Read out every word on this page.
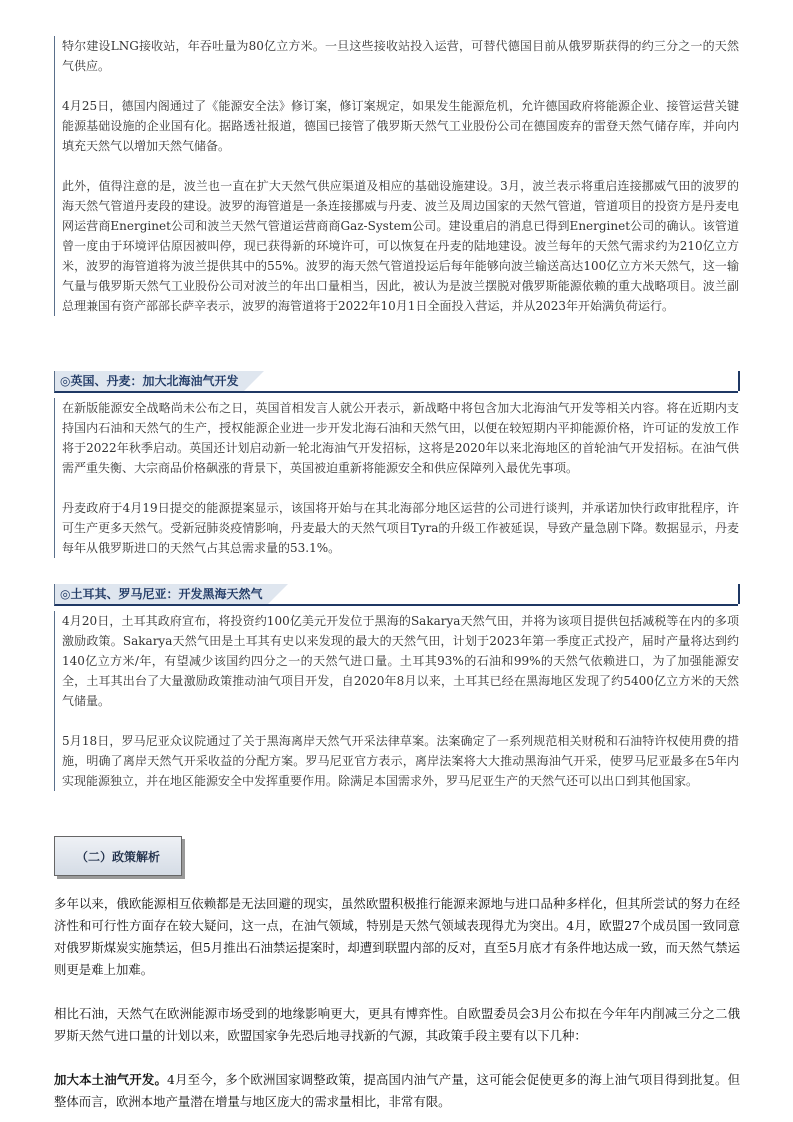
特尔建设LNG接收站，年吞吐量为80亿立方米。一旦这些接收站投入运营，可替代德国目前从俄罗斯获得的约三分之一的天然气供应。

4月25日，德国内阁通过了《能源安全法》修订案，修订案规定，如果发生能源危机，允许德国政府将能源企业、接管运营关键能源基础设施的企业国有化。据路透社报道，德国已接管了俄罗斯天然气工业股份公司在德国废弃的雷登天然气储存库，并向内填充天然气以增加天然气储备。

此外，值得注意的是，波兰也一直在扩大天然气供应渠道及相应的基础设施建设。3月，波兰表示将重启连接挪威气田的波罗的海天然气管道丹麦段的建设。波罗的海管道是一条连接挪威与丹麦、波兰及周边国家的天然气管道，管道项目的投资方是丹麦电网运营商Energinet公司和波兰天然气管道运营商商Gaz-System公司。建设重启的消息已得到Energinet公司的确认。该管道曾一度由于环境评估原因被叫停，现已获得新的环境许可，可以恢复在丹麦的陆地建设。波兰每年的天然气需求约为210亿立方米，波罗的海管道将为波兰提供其中的55%。波罗的海天然气管道投运后每年能够向波兰输送高达100亿立方米天然气，这一输气量与俄罗斯天然气工业股份公司对波兰的年出口量相当，因此，被认为是波兰摆脱对俄罗斯能源依赖的重大战略项目。波兰副总理兼国有资产部部长萨辛表示，波罗的海管道将于2022年10月1日全面投入营运，并从2023年开始满负荷运行。

◎英国、丹麦：加大北海油气开发

在新版能源安全战略尚未公布之日，英国首相发言人就公开表示，新战略中将包含加大北海油气开发等相关内容。将在近期内支持国内石油和天然气的生产，授权能源企业进一步开发北海石油和天然气田，以便在较短期内平抑能源价格，许可证的发放工作将于2022年秋季启动。英国还计划启动新一轮北海油气开发招标，这将是2020年以来北海地区的首轮油气开发招标。在油气供需严重失衡、大宗商品价格飙涨的背景下，英国被迫重新将能源安全和供应保障列入最优先事项。

丹麦政府于4月19日提交的能源提案显示，该国将开始与在其北海部分地区运营的公司进行谈判，并承诺加快行政审批程序，许可生产更多天然气。受新冠肺炎疫情影响，丹麦最大的天然气项目Tyra的升级工作被延误，导致产量急剧下降。数据显示，丹麦每年从俄罗斯进口的天然气占其总需求量的53.1%。

◎土耳其、罗马尼亚：开发黑海天然气

4月20日，土耳其政府宣布，将投资约100亿美元开发位于黑海的Sakarya天然气田，并将为该项目提供包括减税等在内的多项激励政策。Sakarya天然气田是土耳其有史以来发现的最大的天然气田，计划于2023年第一季度正式投产，届时产量将达到约140亿立方米/年，有望减少该国约四分之一的天然气进口量。土耳其93%的石油和99%的天然气依赖进口，为了加强能源安全，土耳其出台了大量激励政策推动油气项目开发，自2020年8月以来，土耳其已经在黑海地区发现了约5400亿立方米的天然气储量。

5月18日，罗马尼亚众议院通过了关于黑海离岸天然气开采法律草案。法案确定了一系列规范相关财税和石油特许权使用费的措施，明确了离岸天然气开采收益的分配方案。罗马尼亚官方表示，离岸法案将大大推动黑海油气开采，使罗马尼亚最多在5年内实现能源独立，并在地区能源安全中发挥重要作用。除满足本国需求外，罗马尼亚生产的天然气还可以出口到其他国家。

（二）政策解析

多年以来，俄欧能源相互依赖都是无法回避的现实，虽然欧盟积极推行能源来源地与进口品种多样化，但其所尝试的努力在经济性和可行性方面存在较大疑问，这一点，在油气领域，特别是天然气领域表现得尤为突出。4月，欧盟27个成员国一致同意对俄罗斯煤炭实施禁运，但5月推出石油禁运提案时，却遭到联盟内部的反对，直至5月底才有条件地达成一致，而天然气禁运则更是难上加难。

相比石油，天然气在欧洲能源市场受到的地缘影响更大，更具有博弈性。自欧盟委员会3月公布拟在今年年内削减三分之二俄罗斯天然气进口量的计划以来，欧盟国家争先恐后地寻找新的气源，其政策手段主要有以下几种：

加大本土油气开发。4月至今，多个欧洲国家调整政策，提高国内油气产量，这可能会促使更多的海上油气项目得到批复。但整体而言，欧洲本地产量潜在增量与地区庞大的需求量相比，非常有限。
